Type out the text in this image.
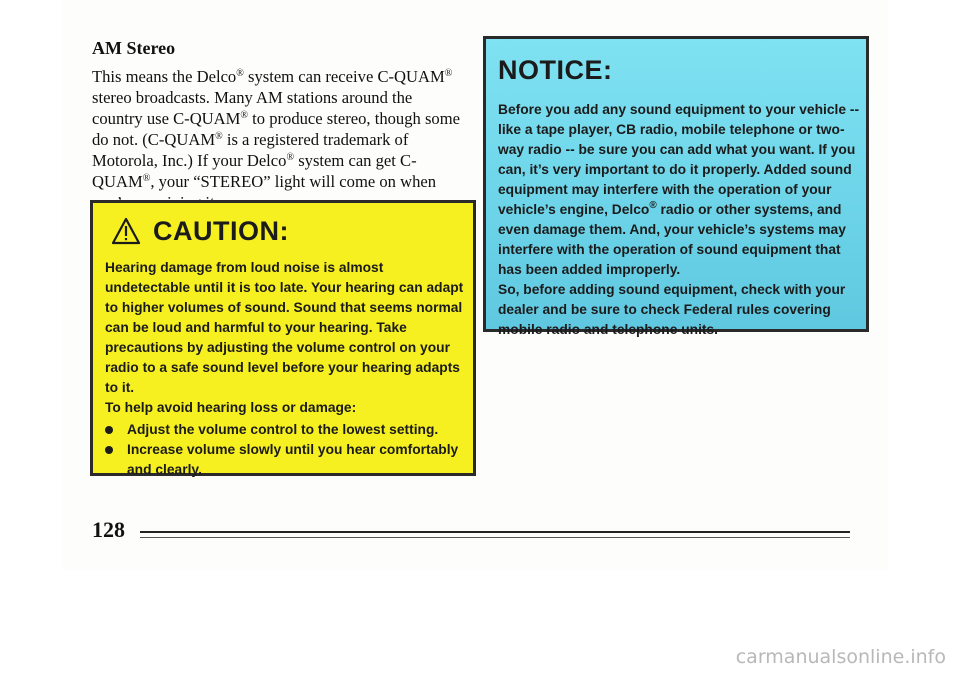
AM Stereo

This means the Delco® system can receive C-QUAM® stereo broadcasts. Many AM stations around the country use C-QUAM® to produce stereo, though some do not. (C-QUAM® is a registered trademark of Motorola, Inc.) If your Delco® system can get C-QUAM®, your “STEREO” light will come on when

CAUTION:

Hearing damage from loud noise is almost undetectable until it is too late. Your hearing can adapt to higher volumes of sound. Sound that seems normal can be loud and harmful to your hearing. Take precautions by adjusting the volume control on your radio to a safe sound level before your hearing adapts to it.

To help avoid hearing loss or damage:

Adjust the volume control to the lowest setting.
Increase volume slowly until you hear comfortably and clearly.
NOTICE:

Before you add any sound equipment to your vehicle -- like a tape player, CB radio, mobile telephone or two-way radio -- be sure you can add what you want. If you can, it’s very important to do it properly. Added sound equipment may interfere with the operation of your vehicle’s engine, Delco® radio or other systems, and even damage them. And, your vehicle’s systems may interfere with the operation of sound equipment that has been added improperly.

So, before adding sound equipment, check with your dealer and be sure to check Federal rules covering mobile radio and telephone units.

128
carmanualsonline.info
